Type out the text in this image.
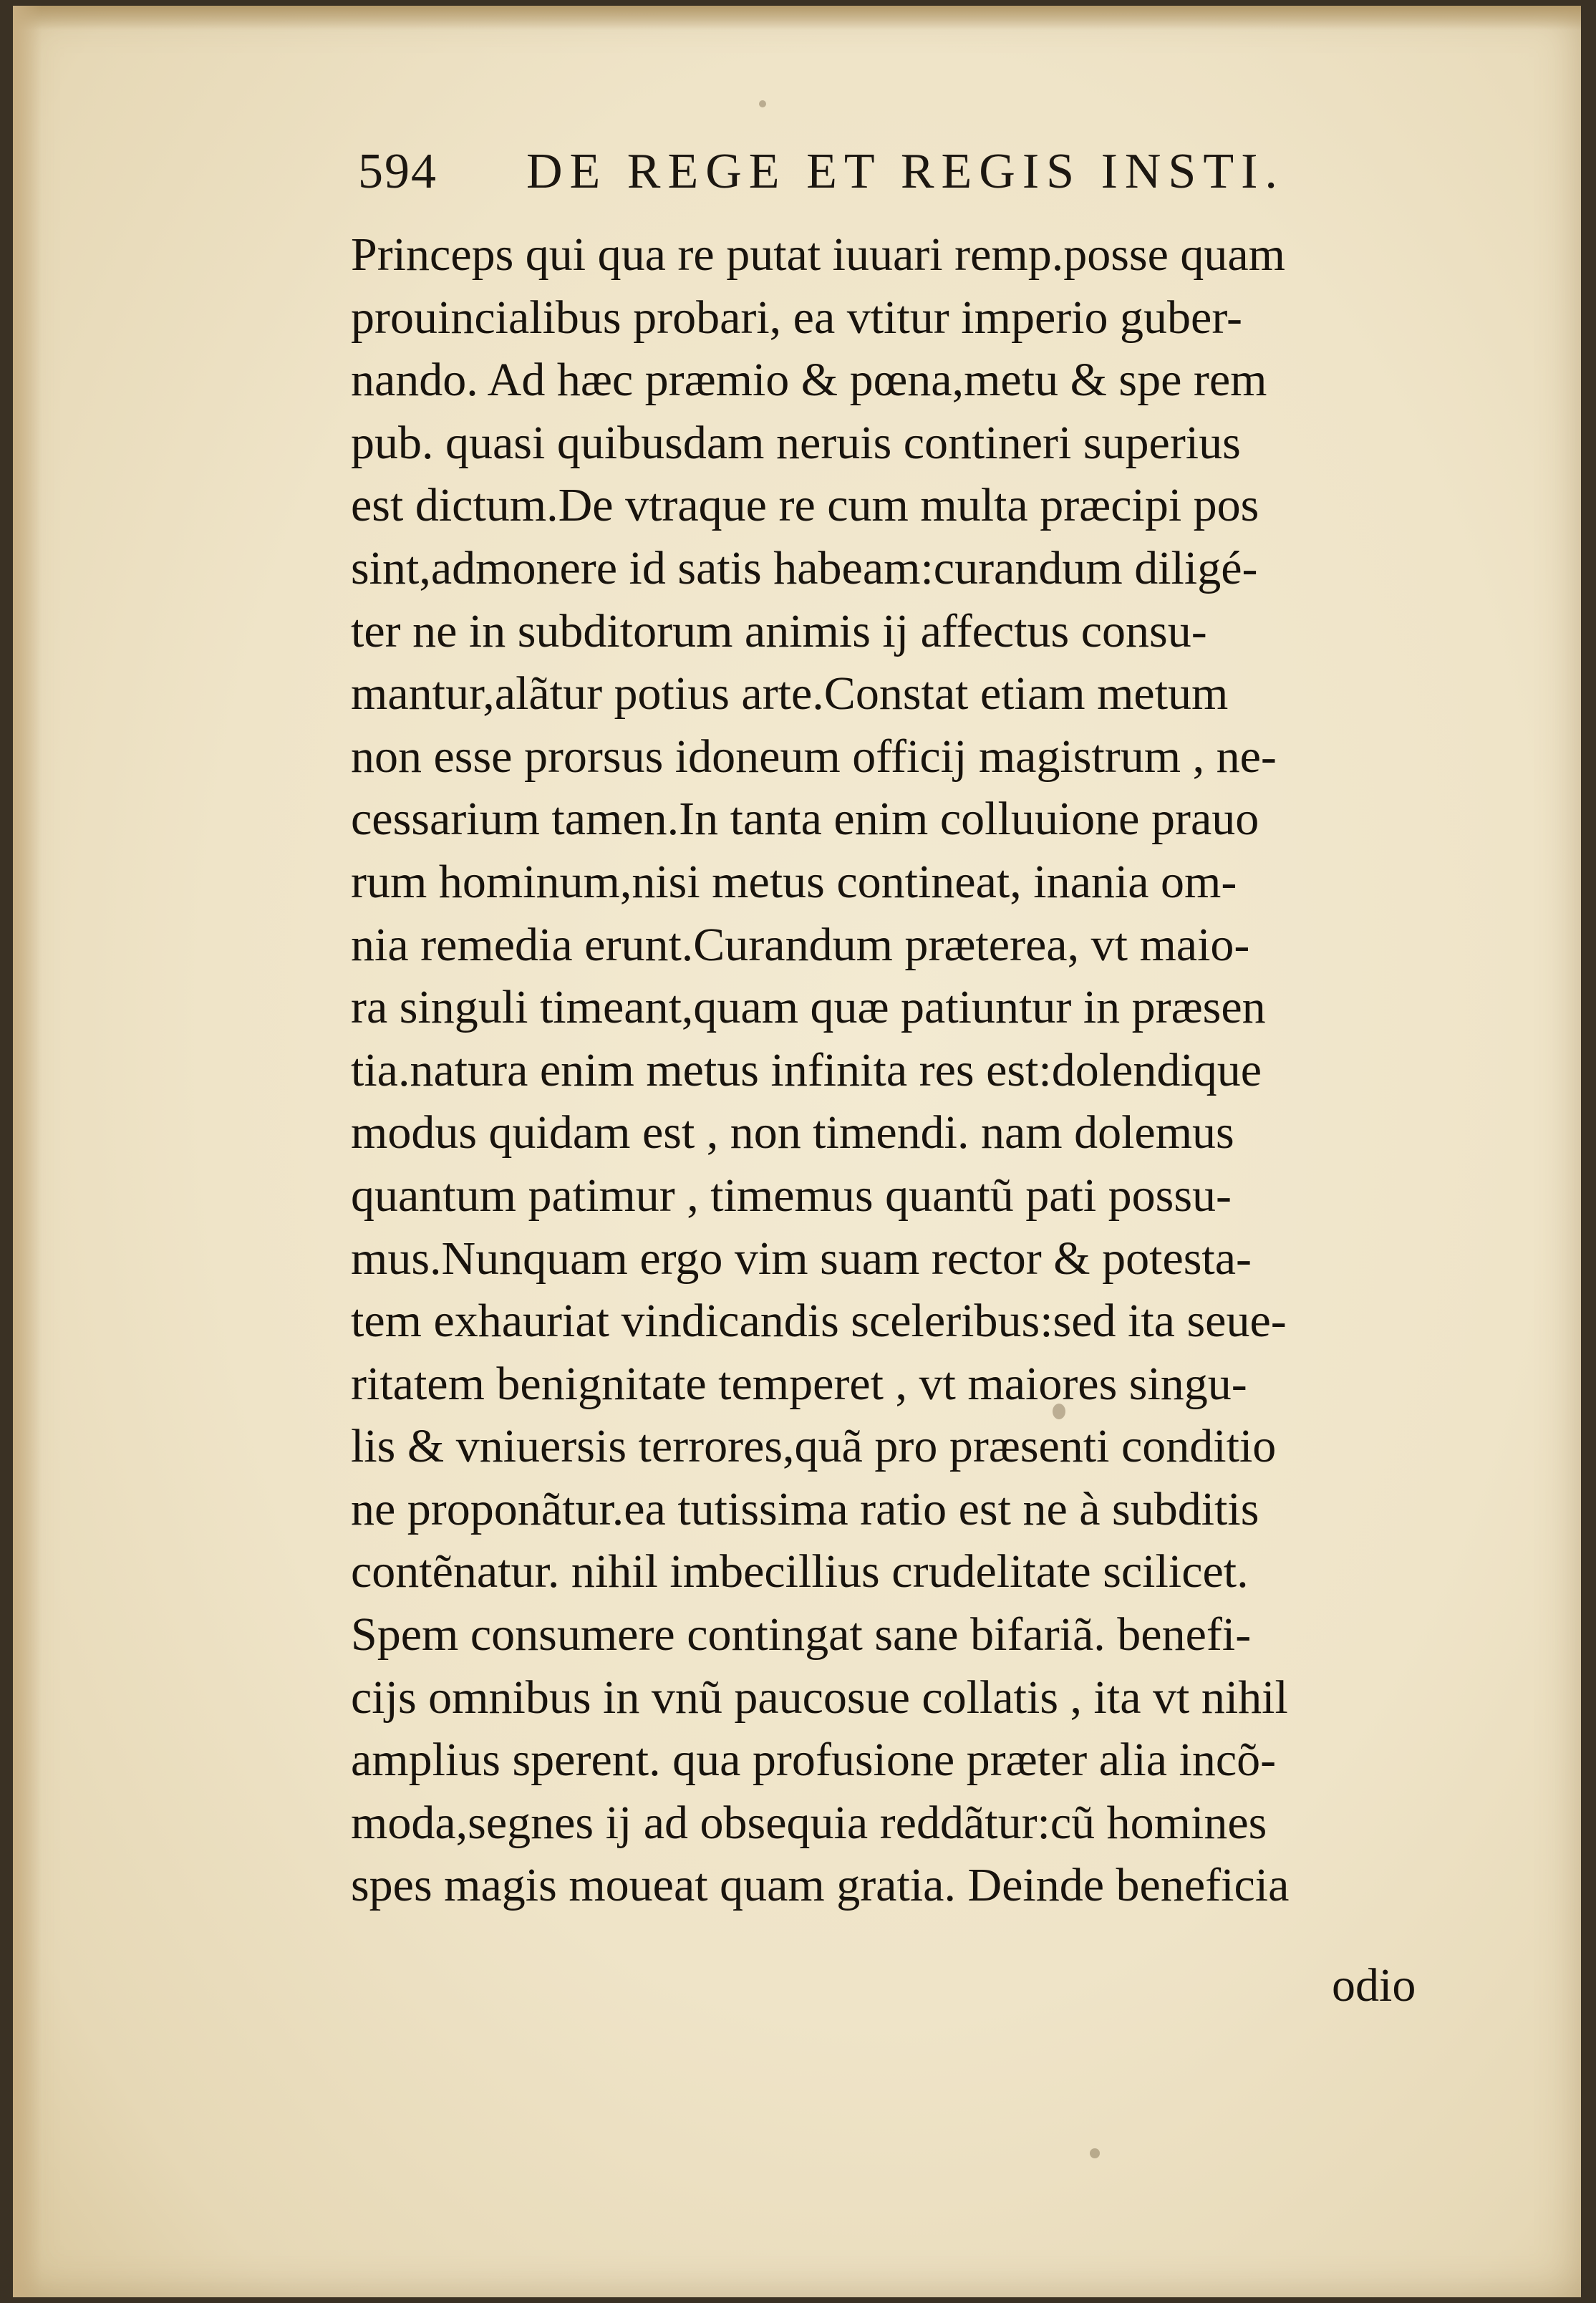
594 DE REGE ET REGIS INSTI.
Princeps qui qua re putat iuuari remp.posse quam
prouincialibus probari, ea vtitur imperio guber-
nando. Ad hæc præmio & pœna,metu & spe rem
pub. quasi quibusdam neruis contineri superius
est dictum.De vtraque re cum multa præcipi pos
sint,admonere id satis habeam:curandum diligé-
ter ne in subditorum animis ij affectus consu-
mantur,alãtur potius arte.Constat etiam metum
non esse prorsus idoneum officij magistrum , ne-
cessarium tamen.In tanta enim colluuione prauo
rum hominum,nisi metus contineat, inania om-
nia remedia erunt.Curandum præterea, vt maio-
ra singuli timeant,quam quæ patiuntur in præsen
tia.natura enim metus infinita res est:dolendique
modus quidam est , non timendi. nam dolemus
quantum patimur , timemus quantũ pati possu-
mus.Nunquam ergo vim suam rector & potesta-
tem exhauriat vindicandis sceleribus:sed ita seue-
ritatem benignitate temperet , vt maiores singu-
lis & vniuersis terrores,quã pro præsenti conditio
ne proponãtur.ea tutissima ratio est ne à subditis
contẽnatur. nihil imbecillius crudelitate scilicet.
Spem consumere contingat sane bifariã. benefi-
cijs omnibus in vnũ paucosue collatis , ita vt nihil
amplius sperent. qua profusione præter alia incõ-
moda,segnes ij ad obsequia reddãtur:cũ homines
spes magis moueat quam gratia. Deinde beneficia
odio
